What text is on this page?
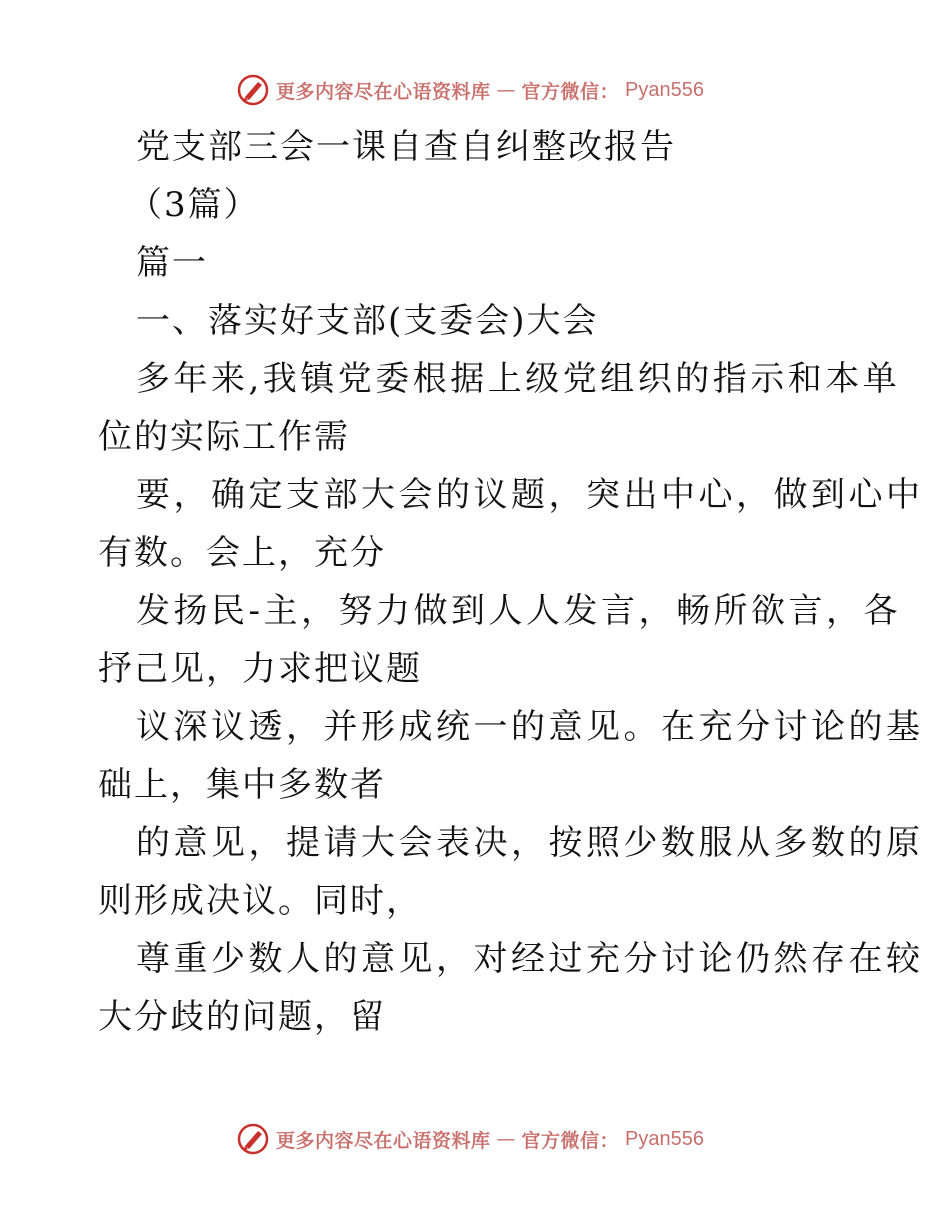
更多内容尽在心语资料库 — 官方微信： Pyan556
党支部三会一课自查自纠整改报告
（3篇）
篇一
一、落实好支部(支委会)大会
多年来,我镇党委根据上级党组织的指示和本单
位的实际工作需
要，确定支部大会的议题，突出中心，做到心中
有数。会上，充分
发扬民-主，努力做到人人发言，畅所欲言，各
抒己见，力求把议题
议深议透，并形成统一的意见。在充分讨论的基
础上，集中多数者
的意见，提请大会表决，按照少数服从多数的原
则形成决议。同时，
尊重少数人的意见，对经过充分讨论仍然存在较
大分歧的问题，留
更多内容尽在心语资料库 — 官方微信： Pyan556
